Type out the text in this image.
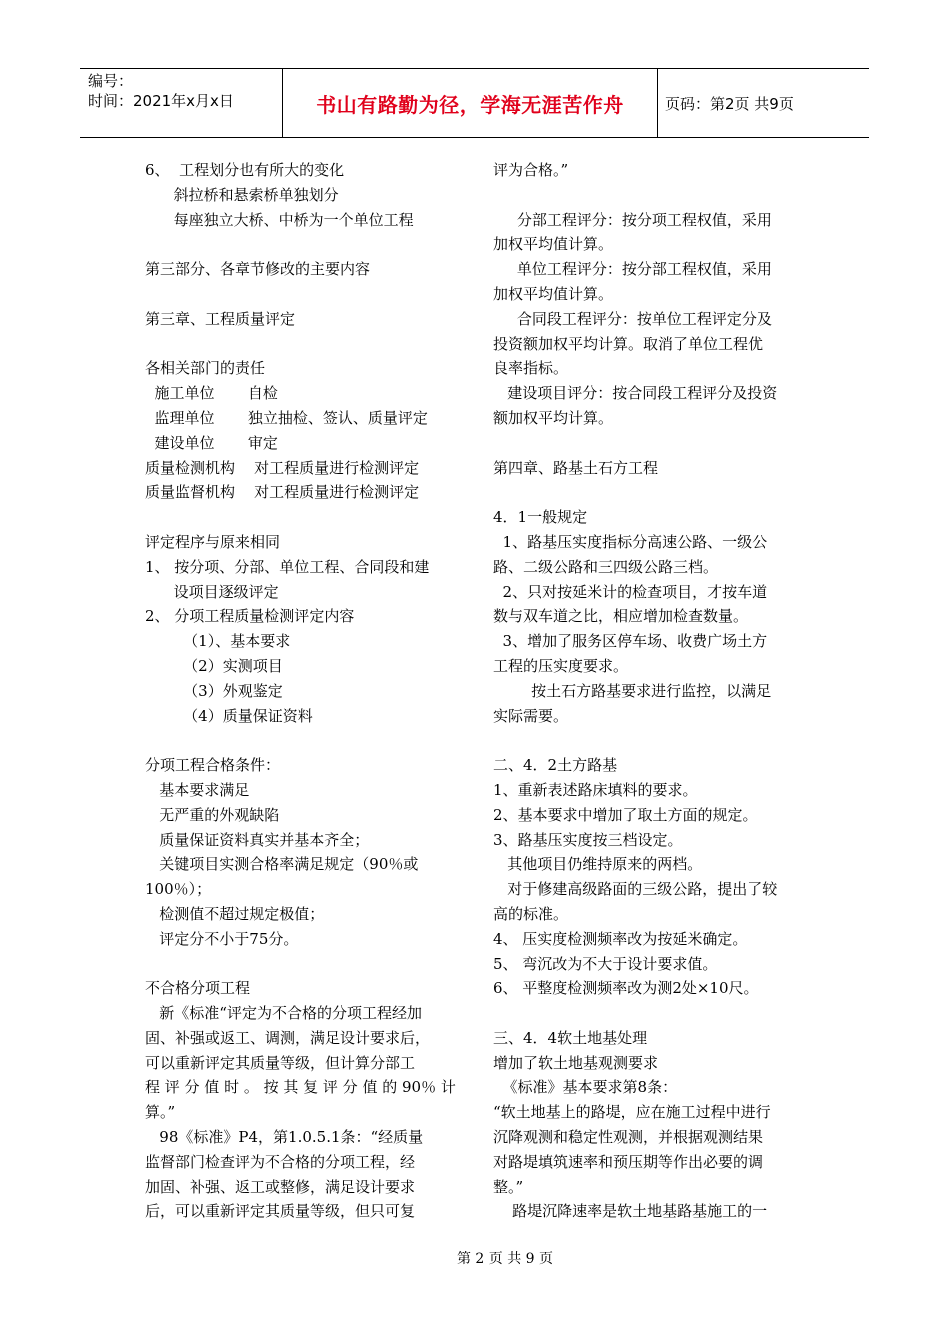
编号：
时间：2021年x月x日	书山有路勤为径，学海无涯苦作舟	页码：第2页 共9页

6、  工程划分也有所大的变化

斜拉桥和悬索桥单独划分

每座独立大桥、中桥为一个单位工程

第三部分、各章节修改的主要内容

第三章、工程质量评定

各相关部门的责任

施工单位       自检

监理单位       独立抽检、签认、质量评定

建设单位       审定

质量检测机构    对工程质量进行检测评定

质量监督机构    对工程质量进行检测评定

评定程序与原来相同

1、 按分项、分部、单位工程、合同段和建

设项目逐级评定

2、 分项工程质量检测评定内容

（1）、基本要求

（2）实测项目

（3）外观鉴定

（4）质量保证资料

分项工程合格条件：

基本要求满足

无严重的外观缺陷

质量保证资料真实并基本齐全；

关键项目实测合格率满足规定（90％或

100％）；

检测值不超过规定极值；

评定分不小于75分。

不合格分项工程

新《标准“评定为不合格的分项工程经加

固、补强或返工、调测，满足设计要求后，

可以重新评定其质量等级，但计算分部工

程 评 分 值 时 。 按 其 复 评 分 值 的 90％ 计

算。”

98《标准》P4，第1.0.5.1条：“经质量

监督部门检查评为不合格的分项工程，经

加固、补强、返工或整修，满足设计要求

后，可以重新评定其质量等级，但只可复

评为合格。”

分部工程评分：按分项工程权值，采用

加权平均值计算。

单位工程评分：按分部工程权值，采用

加权平均值计算。

合同段工程评分：按单位工程评定分及

投资额加权平均计算。取消了单位工程优

良率指标。

建设项目评分：按合同段工程评分及投资

额加权平均计算。

第四章、路基土石方工程

4．1一般规定

1、路基压实度指标分高速公路、一级公

路、二级公路和三四级公路三档。

2、只对按延米计的检查项目，才按车道

数与双车道之比，相应增加检查数量。

3、增加了服务区停车场、收费广场土方

工程的压实度要求。

按土石方路基要求进行监控，以满足

实际需要。

二、4．2土方路基

1、重新表述路床填料的要求。

2、基本要求中增加了取土方面的规定。

3、路基压实度按三档设定。

其他项目仍维持原来的两档。

对于修建高级路面的三级公路，提出了较

高的标准。

4、 压实度检测频率改为按延米确定。

5、 弯沉改为不大于设计要求值。

6、 平整度检测频率改为测2处×10尺。

三、4．4软土地基处理

增加了软土地基观测要求

《标准》基本要求第8条：

“软土地基上的路堤，应在施工过程中进行

沉降观测和稳定性观测，并根据观测结果

对路堤填筑速率和预压期等作出必要的调

整。”

路堤沉降速率是软土地基路基施工的一

第 2 页 共 9 页
